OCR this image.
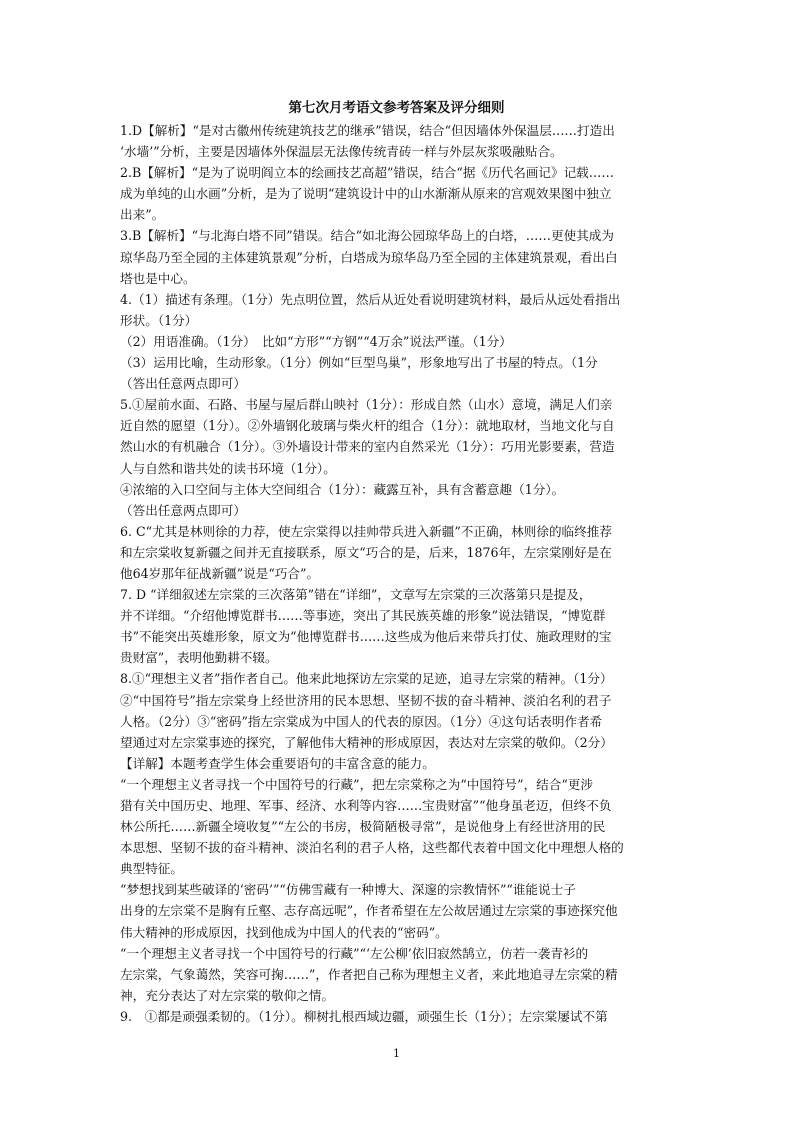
第七次月考语文参考答案及评分细则
1.D【解析】“是对古徽州传统建筑技艺的继承”错误，结合“但因墙体外保温层……打造出
‘水墙’”分析，主要是因墙体外保温层无法像传统青砖一样与外层灰浆吸融贴合。
2.B【解析】“是为了说明阎立本的绘画技艺高超”错误，结合“据《历代名画记》记载……
成为单纯的山水画”分析，是为了说明“建筑设计中的山水渐渐从原来的宫观效果图中独立
出来”。
3.B【解析】“与北海白塔不同”错误。结合“如北海公园琼华岛上的白塔，……更使其成为
琼华岛乃至全园的主体建筑景观”分析，白塔成为琼华岛乃至全园的主体建筑景观，看出白
塔也是中心。
4.（1）描述有条理。（1分）先点明位置，然后从近处看说明建筑材料，最后从远处看指出
形状。（1分）
（2）用语准确。（1分）　比如“方形”“方钢”“4万余”说法严谨。（1分）
（3）运用比喻，生动形象。（1分）例如“巨型鸟巢”，形象地写出了书屋的特点。（1分
（答出任意两点即可）
5.①屋前水面、石路、书屋与屋后群山映衬（1分）：形成自然（山水）意境，满足人们亲
近自然的愿望（1分）。②外墙钢化玻璃与柴火杆的组合（1分）：就地取材，当地文化与自
然山水的有机融合（1分）。③外墙设计带来的室内自然采光（1分）：巧用光影要素，营造
人与自然和谐共处的读书环境（1分）。
④浓缩的入口空间与主体大空间组合（1分）：藏露互补，具有含蓄意趣（1分）。
（答出任意两点即可）
6. C“尤其是林则徐的力荐，使左宗棠得以挂帅带兵进入新疆”不正确，林则徐的临终推荐
和左宗棠收复新疆之间并无直接联系，原文“巧合的是，后来，1876年，左宗棠刚好是在
他64岁那年征战新疆”说是“巧合”。
7. D “详细叙述左宗棠的三次落第”错在“详细”，文章写左宗棠的三次落第只是提及，
并不详细。“介绍他博览群书……等事迹，突出了其民族英雄的形象”说法错误，“博览群
书”不能突出英雄形象，原文为“他博览群书……这些成为他后来带兵打仗、施政理财的宝
贵财富”，表明他勤耕不辍。
8.①“理想主义者”指作者自己。他来此地探访左宗棠的足迹，追寻左宗棠的精神。（1分）
②“中国符号”指左宗棠身上经世济用的民本思想、坚韧不拔的奋斗精神、淡泊名利的君子
人格。（2分）③“密码”指左宗棠成为中国人的代表的原因。（1分）④这句话表明作者希
望通过对左宗棠事迹的探究，了解他伟大精神的形成原因，表达对左宗棠的敬仰。（2分）
【详解】本题考查学生体会重要语句的丰富含意的能力。
“一个理想主义者寻找一个中国符号的行藏”，把左宗棠称之为“中国符号”，结合“更涉
猎有关中国历史、地理、军事、经济、水利等内容……宝贵财富”“他身虽老迈，但终不负
林公所托……新疆全境收复”“左公的书房，极简陋极寻常”，是说他身上有经世济用的民
本思想、坚韧不拔的奋斗精神、淡泊名利的君子人格，这些都代表着中国文化中理想人格的
典型特征。
“梦想找到某些破译的‘密码’”“仿佛雪藏有一种博大、深邃的宗教情怀”“谁能说士子
出身的左宗棠不是胸有丘壑、志存高远呢”，作者希望在左公故居通过左宗棠的事迹探究他
伟大精神的形成原因，找到他成为中国人的代表的“密码”。
“一个理想主义者寻找一个中国符号的行藏”“‘左公柳’依旧寂然鹄立，仿若一袭青衫的
左宗棠，气象蔼然，笑容可掬……”，作者把自己称为理想主义者，来此地追寻左宗棠的精
神，充分表达了对左宗棠的敬仰之情。
9.　①都是顽强柔韧的。（1分）。柳树扎根西域边疆，顽强生长（1分）；左宗棠屡试不第
1
